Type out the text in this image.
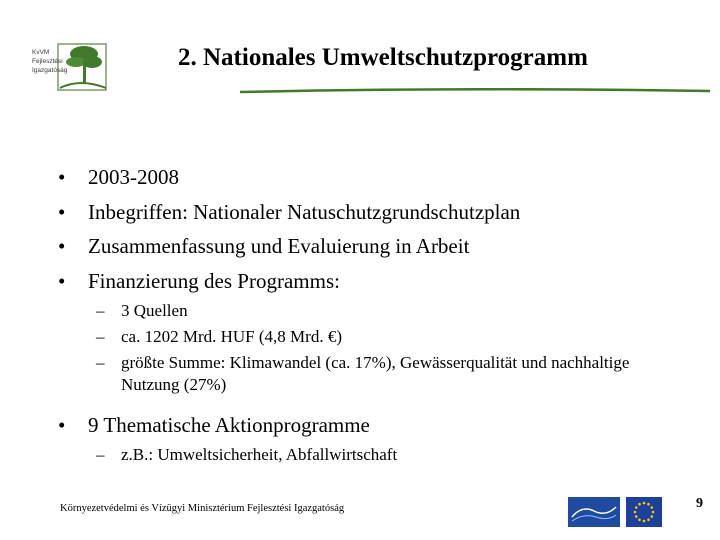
KvVM
Fejlesztési
Igazgatóság	2. Nationales Umweltschutzprogramm
• 2003-2008
• Inbegriffen: Nationaler Natuschutzgrundschutzplan
• Zusammenfassung und Evaluierung in Arbeit
• Finanzierung des Programms:
– 3 Quellen
– ca. 1202 Mrd. HUF (4,8 Mrd. €)
– größte Summe: Klimawandel (ca. 17%), Gewässerqualität und nachhaltige Nutzung (27%)
• 9 Thematische Aktionprogramme
– z.B.: Umweltsicherheit, Abfallwirtschaft
Környezetvédelmi és Vízügyi Minisztérium Fejlesztési Igazgatóság	9
